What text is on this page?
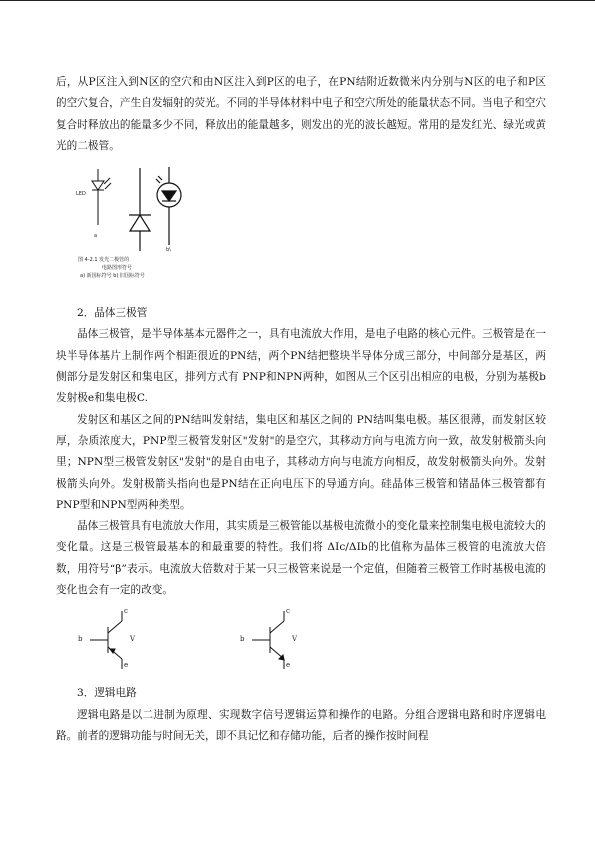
后，从P区注入到N区的空穴和由N区注入到P区的电子，在PN结附近数微米内分别与N区的电子和P区的空穴复合，产生自发辐射的荧光。不同的半导体材料中电子和空穴所处的能量状态不同。当电子和空穴复合时释放出的能量多少不同，释放出的能量越多，则发出的光的波长越短。常用的是发红光、绿光或黄光的二极管。

LED
a
b\
图 4-2.1 发光二极管的
电路图形符号
a) 新国标符号 b) 旧国标符号

2．晶体三极管

晶体三极管，是半导体基本元器件之一，具有电流放大作用，是电子电路的核心元件。三极管是在一块半导体基片上制作两个相距很近的PN结，两个PN结把整块半导体分成三部分，中间部分是基区，两侧部分是发射区和集电区，排列方式有 PNP和NPN两种，如图从三个区引出相应的电极，分别为基极b发射极e和集电极C.

发射区和基区之间的PN结叫发射结，集电区和基区之间的 PN结叫集电极。基区很薄，而发射区较厚，杂质浓度大，PNP型三极管发射区"发射"的是空穴，其移动方向与电流方向一致，故发射极箭头向里；NPN型三极管发射区"发射"的是自由电子，其移动方向与电流方向相反，故发射极箭头向外。发射极箭头向外。发射极箭头指向也是PN结在正向电压下的导通方向。硅晶体三极管和锗晶体三极管都有PNP型和NPN型两种类型。

晶体三极管具有电流放大作用，其实质是三极管能以基极电流微小的变化量来控制集电极电流较大的变化量。这是三极管最基本的和最重要的特性。我们将 ΔIc/ΔIb的比值称为晶体三极管的电流放大倍数，用符号“β”表示。电流放大倍数对于某一只三极管来说是一个定值，但随着三极管工作时基极电流的变化也会有一定的改变。

c
b	V
e
c
b	V
e

3．逻辑电路

逻辑电路是以二进制为原理、实现数字信号逻辑运算和操作的电路。分组合逻辑电路和时序逻辑电路。前者的逻辑功能与时间无关，即不具记忆和存储功能，后者的操作按时间程
